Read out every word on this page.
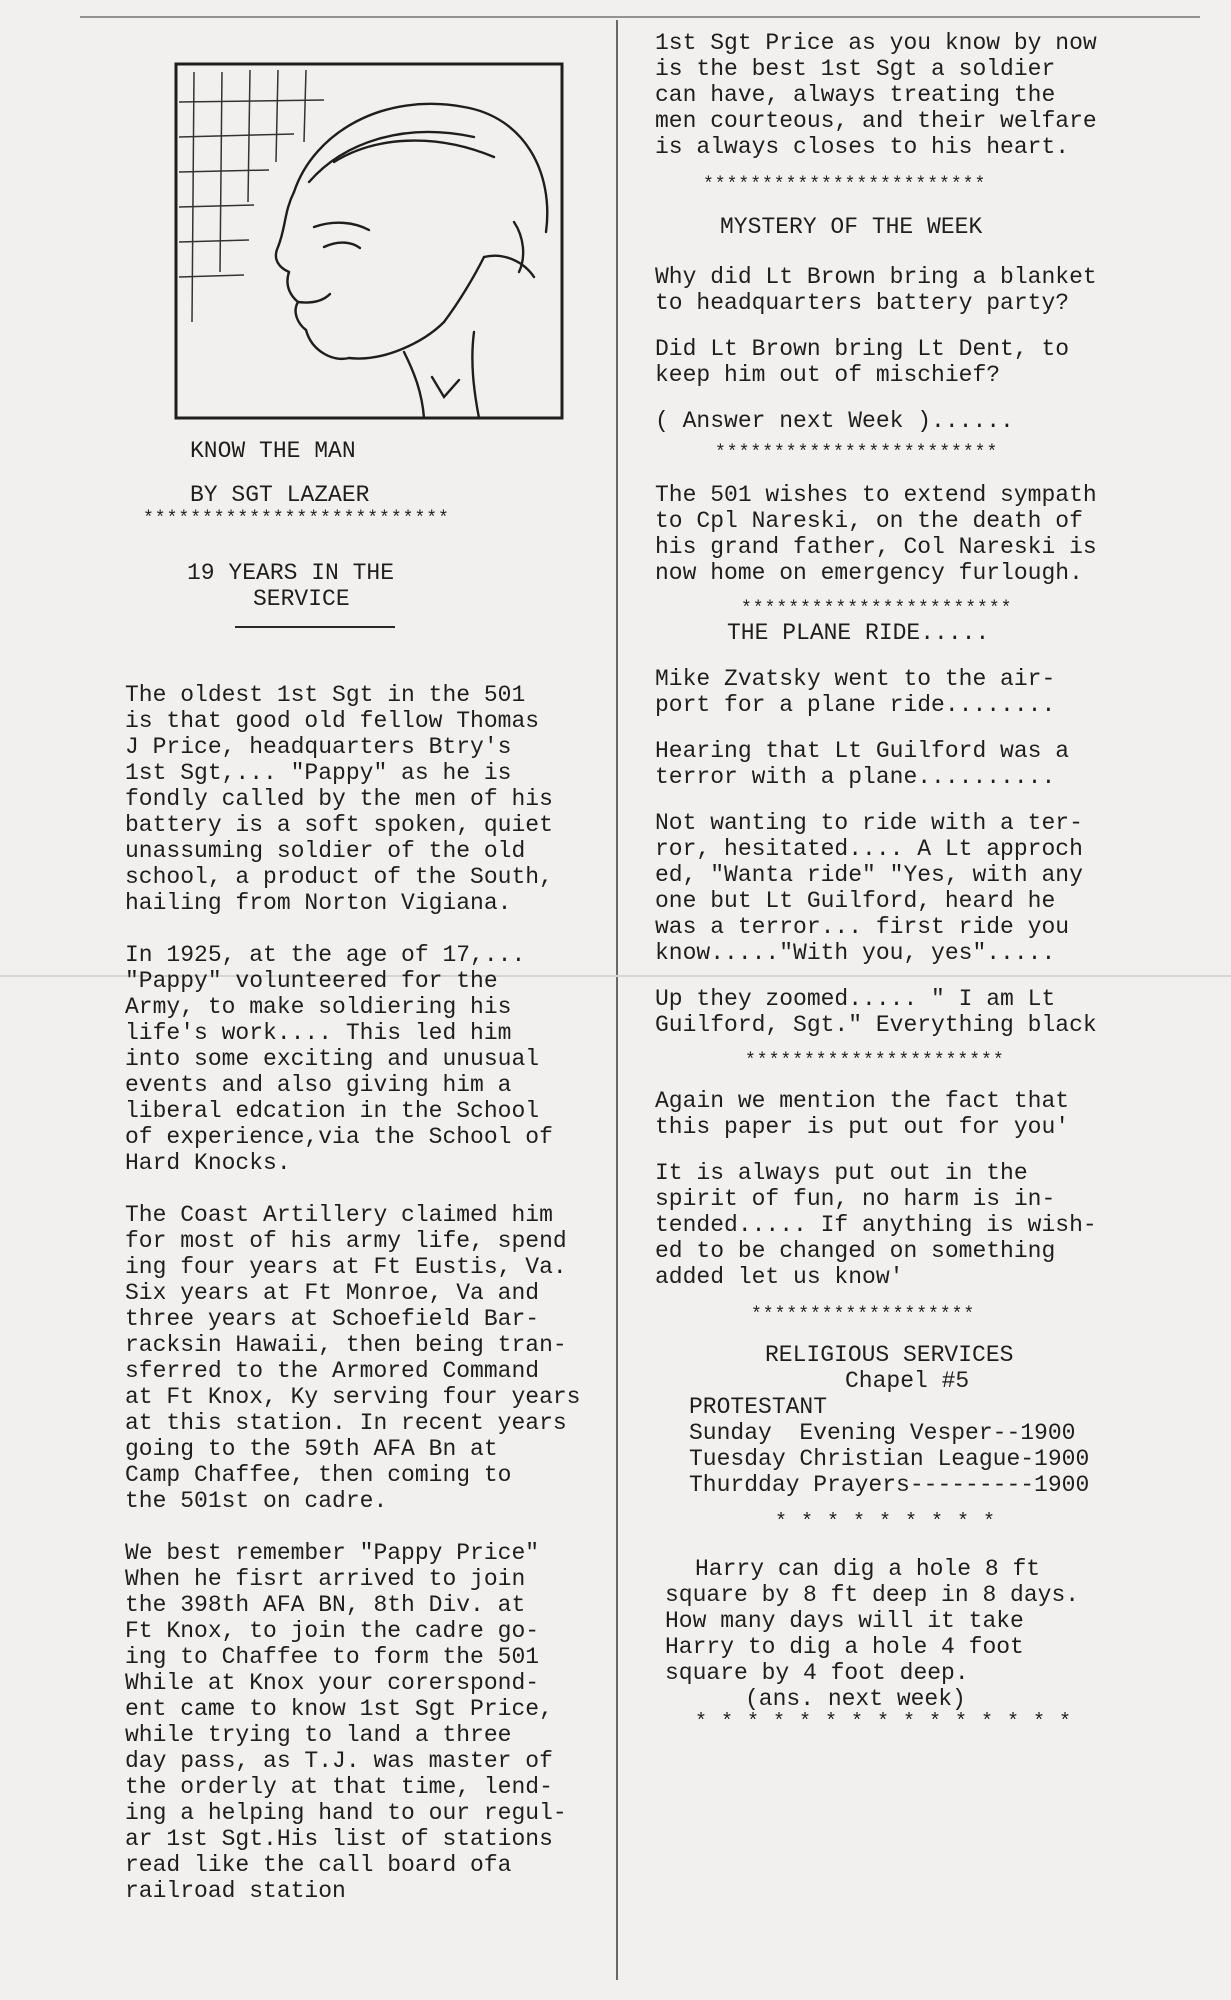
KNOW THE MAN

BY SGT LAZAER

**************************

19 YEARS IN THE

SERVICE

The oldest 1st Sgt in the 501

is that good old fellow Thomas

J Price, headquarters Btry's

1st Sgt,... "Pappy" as he is

fondly called by the men of his

battery is a soft spoken, quiet

unassuming soldier of the old

school, a product of the South,

hailing from Norton Vigiana.

In 1925, at the age of 17,...

"Pappy" volunteered for the

Army, to make soldiering his

life's work.... This led him

into some exciting and unusual

events and also giving him a

liberal edcation in the School

of experience,via the School of

Hard Knocks.

The Coast Artillery claimed him

for most of his army life, spend

ing four years at Ft Eustis, Va.

Six years at Ft Monroe, Va and

three years at Schoefield Bar-

racksin Hawaii, then being tran-

sferred to the Armored Command

at Ft Knox, Ky serving four years

at this station. In recent years

going to the 59th AFA Bn at

Camp Chaffee, then coming to

the 501st on cadre.

We best remember "Pappy Price"

When he fisrt arrived to join

the 398th AFA BN, 8th Div. at

Ft Knox, to join the cadre go-

ing to Chaffee to form the 501

While at Knox your corerspond-

ent came to know 1st Sgt Price,

while trying to land a three

day pass, as T.J. was master of

the orderly at that time, lend-

ing a helping hand to our regul-

ar 1st Sgt.His list of stations

read like the call board ofa

railroad station

1st Sgt Price as you know by now

is the best 1st Sgt a soldier

can have, always treating the

men courteous, and their welfare

is always closes to his heart.

************************

MYSTERY OF THE WEEK

Why did Lt Brown bring a blanket

to headquarters battery party?

Did Lt Brown bring Lt Dent, to

keep him out of mischief?

( Answer next Week )......

************************

The 501 wishes to extend sympath

to Cpl Nareski, on the death of

his grand father, Col Nareski is

now home on emergency furlough.

***********************

THE PLANE RIDE.....

Mike Zvatsky went to the air-

port for a plane ride........

Hearing that Lt Guilford was a

terror with a plane..........

Not wanting to ride with a ter-

ror, hesitated.... A Lt approch

ed, "Wanta ride" "Yes, with any

one but Lt Guilford, heard he

was a terror... first ride you

know....."With you, yes".....

Up they zoomed..... " I am Lt

Guilford, Sgt." Everything black

**********************

Again we mention the fact that

this paper is put out for you'

It is always put out in the

spirit of fun, no harm is in-

tended..... If anything is wish-

ed to be changed on something

added let us know'

*******************

RELIGIOUS SERVICES

Chapel #5

PROTESTANT

Sunday  Evening Vesper--1900

Tuesday Christian League-1900

Thurdday Prayers---------1900

* * * * * * * * *

Harry can dig a hole 8 ft

square by 8 ft deep in 8 days.

How many days will it take

Harry to dig a hole 4 foot

square by 4 foot deep.

(ans. next week)

* * * * * * * * * * * * * * *
